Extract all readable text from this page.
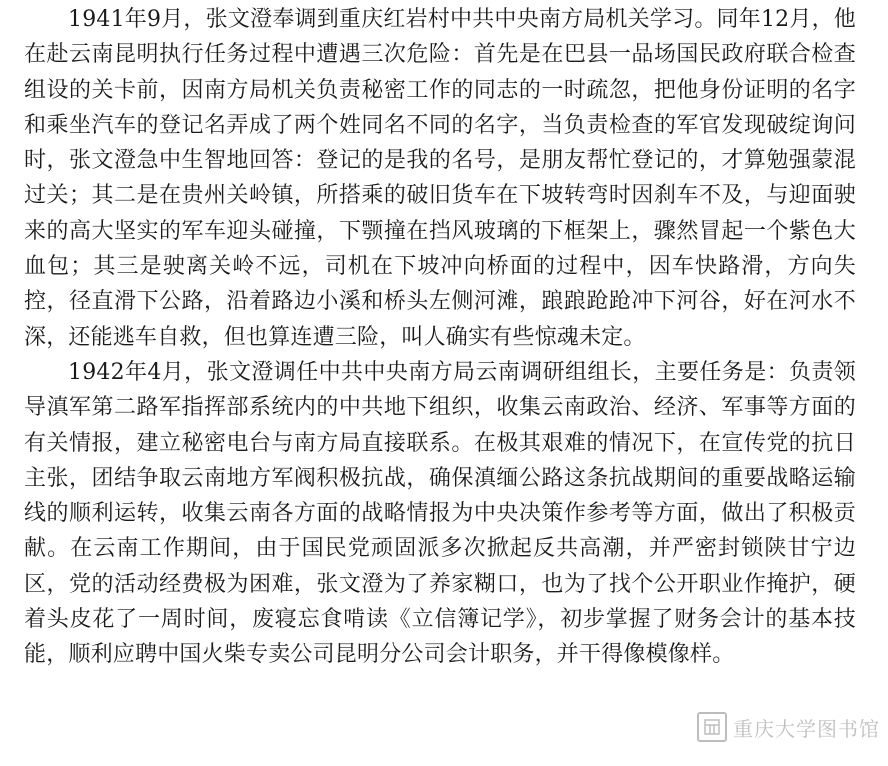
1941年9月，张文澄奉调到重庆红岩村中共中央南方局机关学习。同年12月，他在赴云南昆明执行任务过程中遭遇三次危险：首先是在巴县一品场国民政府联合检查组设的关卡前，因南方局机关负责秘密工作的同志的一时疏忽，把他身份证明的名字和乘坐汽车的登记名弄成了两个姓同名不同的名字，当负责检查的军官发现破绽询问时，张文澄急中生智地回答：登记的是我的名号，是朋友帮忙登记的，才算勉强蒙混过关；其二是在贵州关岭镇，所搭乘的破旧货车在下坡转弯时因刹车不及，与迎面驶来的高大坚实的军车迎头碰撞，下颚撞在挡风玻璃的下框架上，骤然冒起一个紫色大血包；其三是驶离关岭不远，司机在下坡冲向桥面的过程中，因车快路滑，方向失控，径直滑下公路，沿着路边小溪和桥头左侧河滩，踉踉跄跄冲下河谷，好在河水不深，还能逃车自救，但也算连遭三险，叫人确实有些惊魂未定。

1942年4月，张文澄调任中共中央南方局云南调研组组长，主要任务是：负责领导滇军第二路军指挥部系统内的中共地下组织，收集云南政治、经济、军事等方面的有关情报，建立秘密电台与南方局直接联系。在极其艰难的情况下，在宣传党的抗日主张，团结争取云南地方军阀积极抗战，确保滇缅公路这条抗战期间的重要战略运输线的顺利运转，收集云南各方面的战略情报为中央决策作参考等方面，做出了积极贡献。在云南工作期间，由于国民党顽固派多次掀起反共高潮，并严密封锁陕甘宁边区，党的活动经费极为困难，张文澄为了养家糊口，也为了找个公开职业作掩护，硬着头皮花了一周时间，废寝忘食啃读《立信簿记学》，初步掌握了财务会计的基本技能，顺利应聘中国火柴专卖公司昆明分公司会计职务，并干得像模像样。

重庆大学图书馆
